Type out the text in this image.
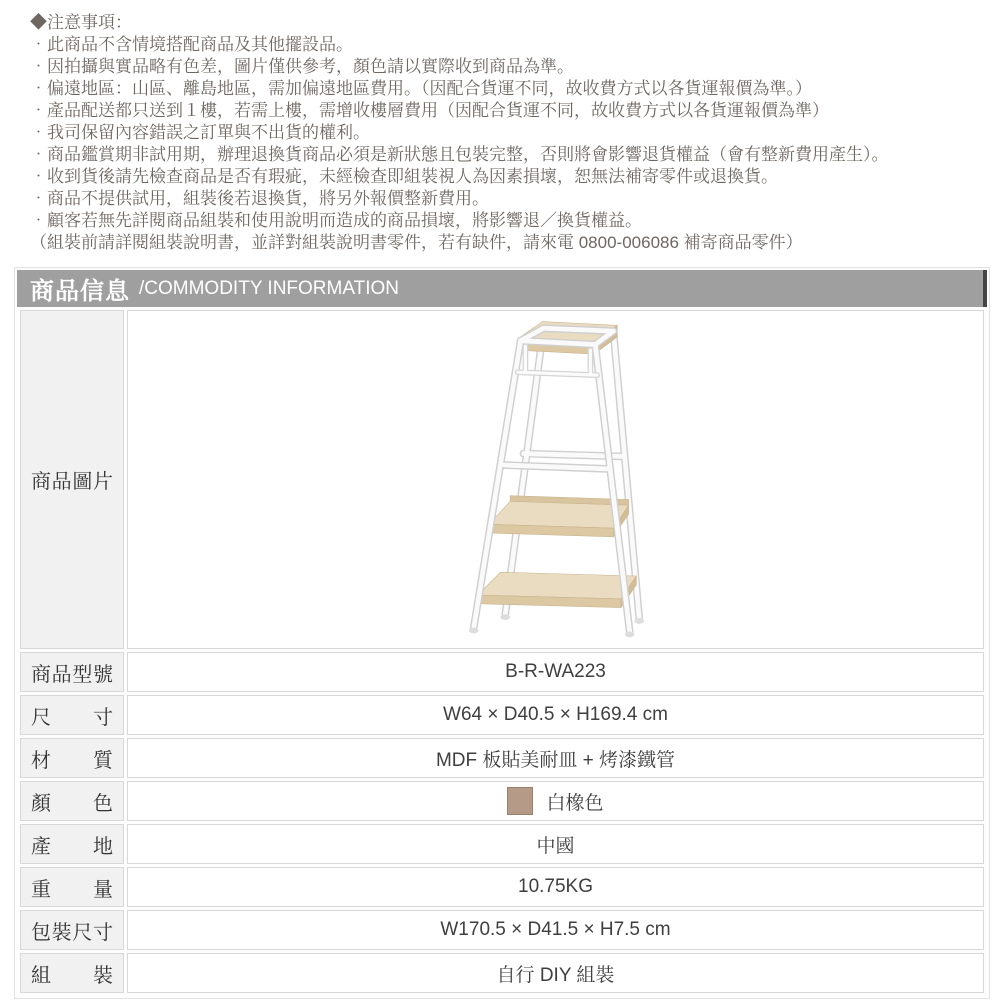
◆注意事項：
‧此商品不含情境搭配商品及其他擺設品。
‧因拍攝與實品略有色差，圖片僅供參考，顏色請以實際收到商品為準。
‧偏遠地區：山區、離島地區，需加偏遠地區費用。（因配合貨運不同，故收費方式以各貨運報價為準。）
‧產品配送都只送到１樓，若需上樓，需增收樓層費用（因配合貨運不同，故收費方式以各貨運報價為準）
‧我司保留內容錯誤之訂單與不出貨的權利。
‧商品鑑賞期非試用期，辦理退換貨商品必須是新狀態且包裝完整，否則將會影響退貨權益（會有整新費用產生）。
‧收到貨後請先檢查商品是否有瑕疵，未經檢查即組裝視人為因素損壞，恕無法補寄零件或退換貨。
‧商品不提供試用，組裝後若退換貨，將另外報價整新費用。
‧顧客若無先詳閱商品組裝和使用說明而造成的商品損壞，將影響退／換貨權益。
（組裝前請詳閱組裝說明書，並詳對組裝說明書零件，若有缺件，請來電 0800-006086 補寄商品零件）
商品信息 /COMMODITY INFORMATION
商 品 圖 片

商 品 型 號	B-R-WA223

尺 寸	W64 × D40.5 × H169.4 cm

材 質	MDF 板貼美耐皿 + 烤漆鐵管

顏 色	白橡色

產 地	中國

重 量	10.75KG

包 裝 尺 寸	W170.5 × D41.5 × H7.5 cm

組 裝	自行 DIY 組裝
